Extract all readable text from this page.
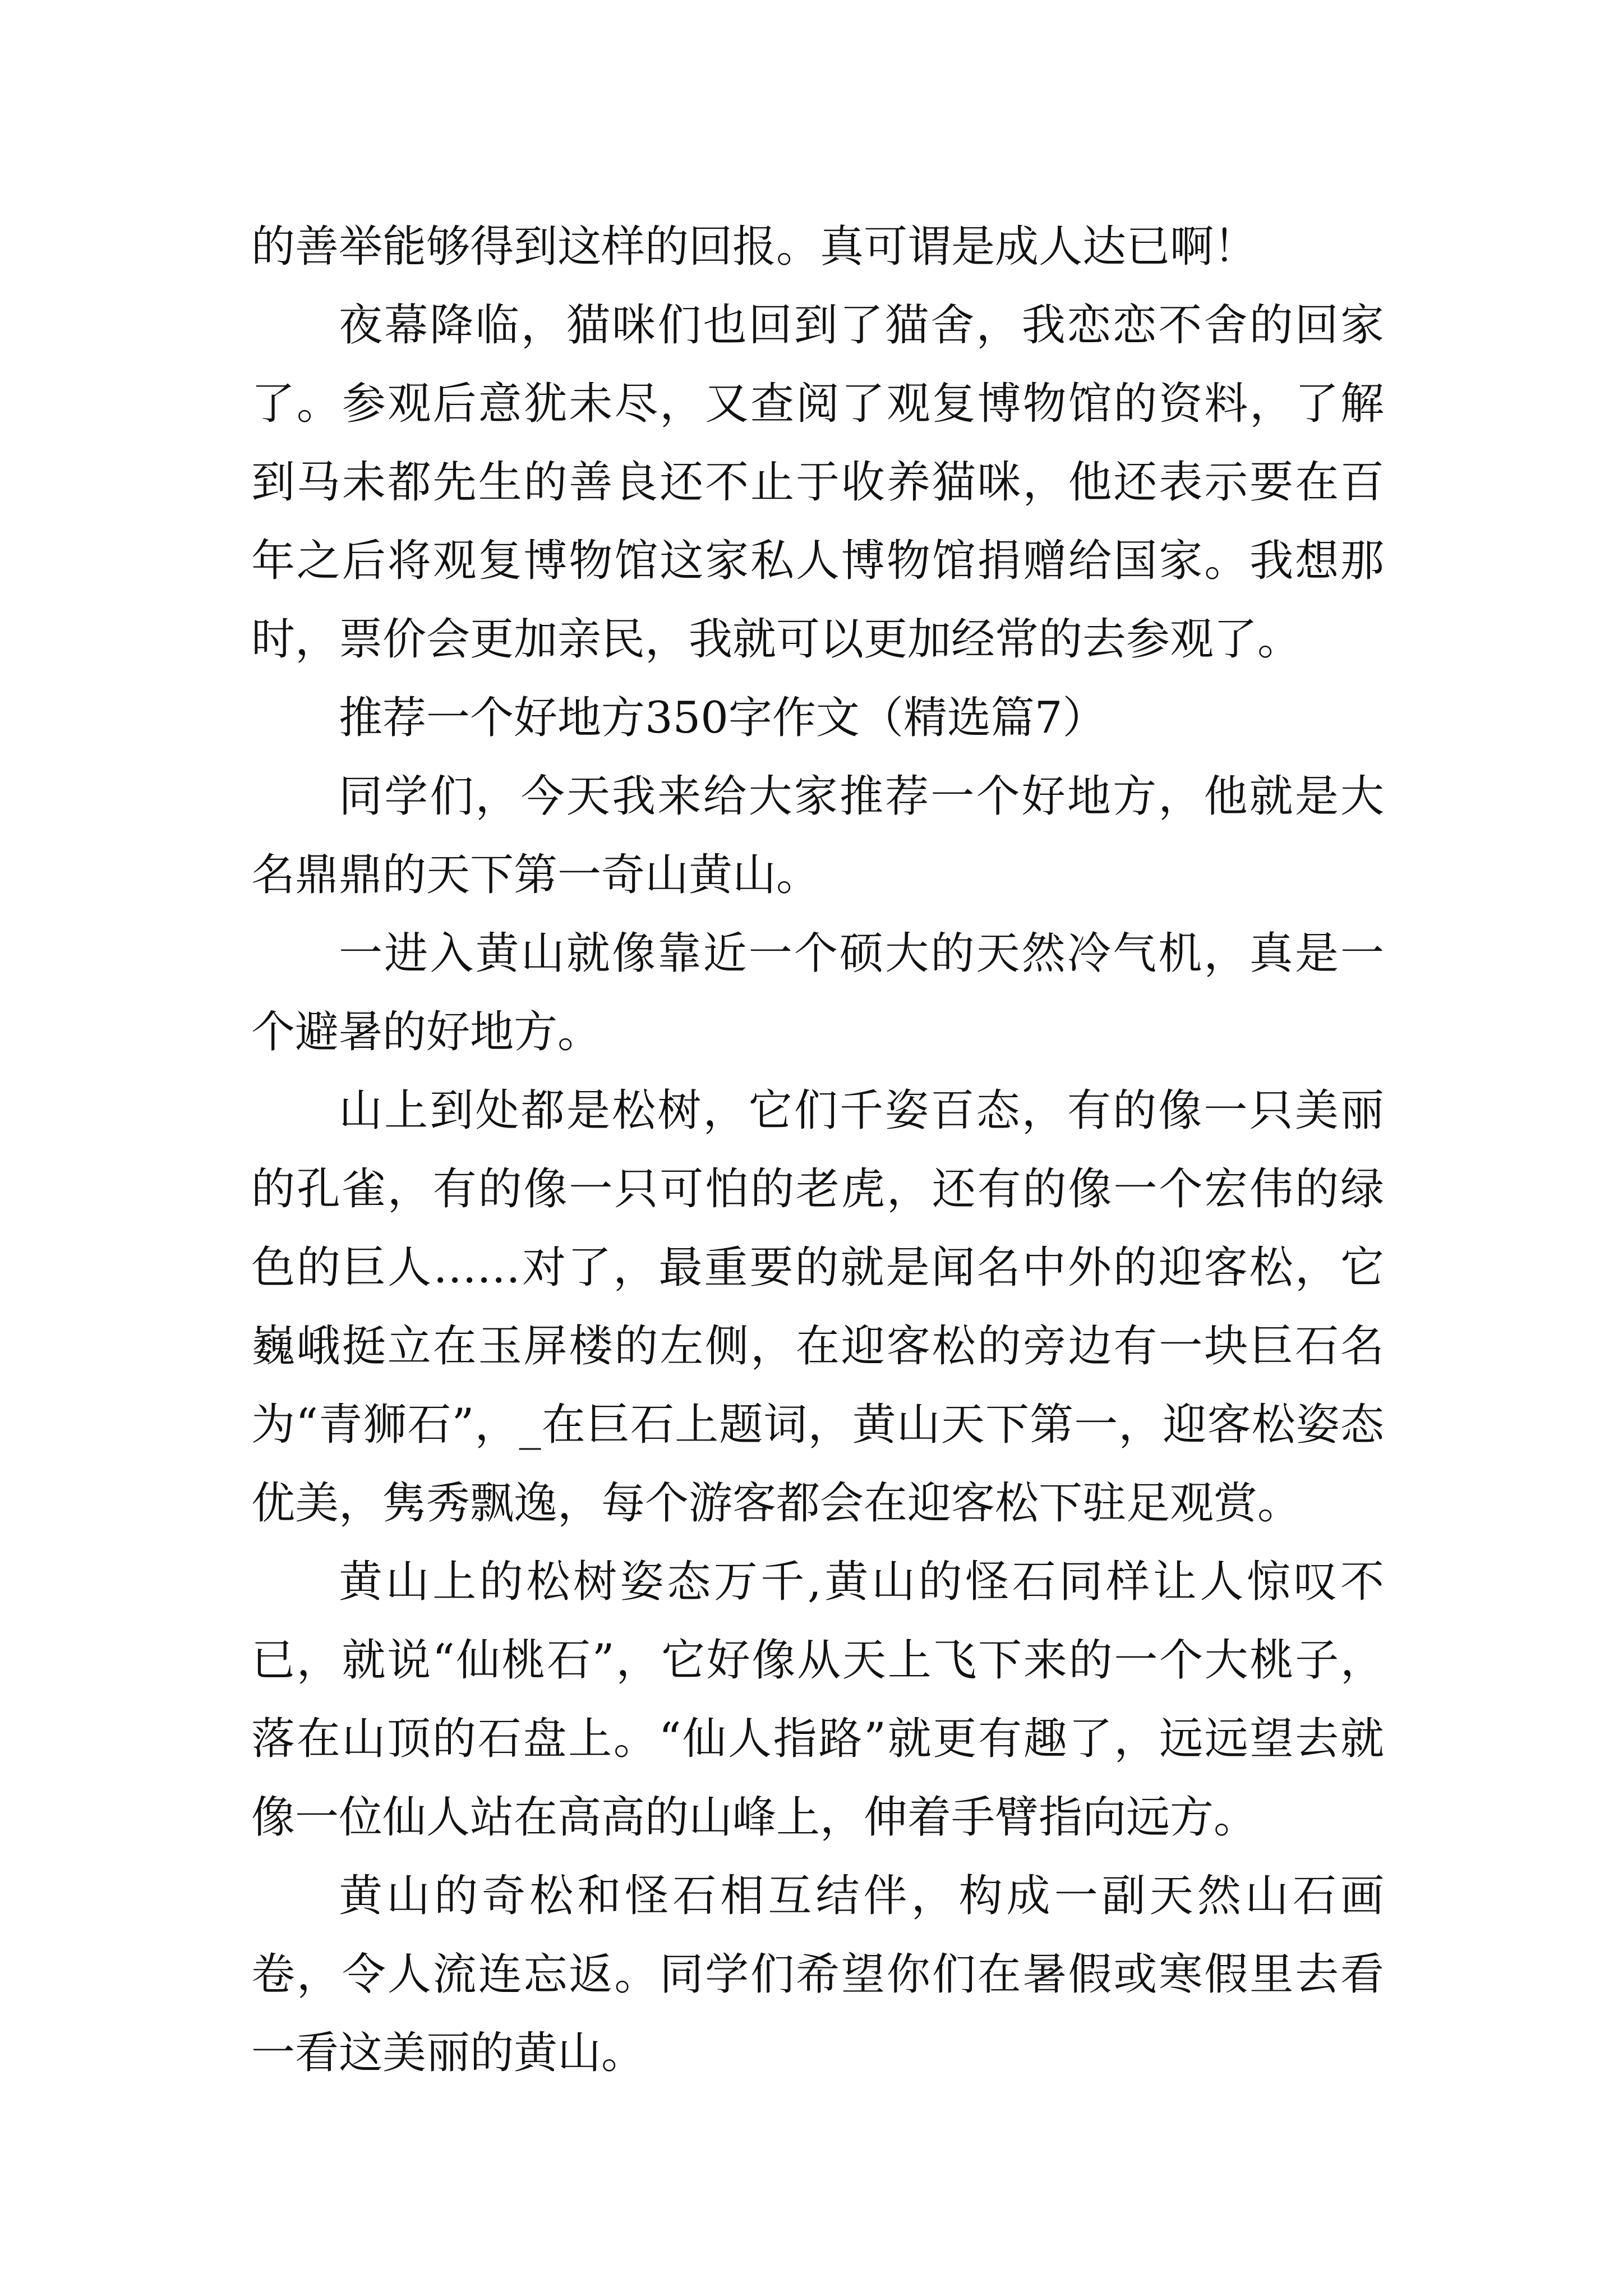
的善举能够得到这样的回报。真可谓是成人达已啊！

夜幕降临，猫咪们也回到了猫舍，我恋恋不舍的回家了。参观后意犹未尽，又查阅了观复博物馆的资料，了解到马未都先生的善良还不止于收养猫咪，他还表示要在百年之后将观复博物馆这家私人博物馆捐赠给国家。我想那时，票价会更加亲民，我就可以更加经常的去参观了。

推荐一个好地方350字作文（精选篇7）

同学们，今天我来给大家推荐一个好地方，他就是大名鼎鼎的天下第一奇山黄山。

一进入黄山就像靠近一个硕大的天然冷气机，真是一个避暑的好地方。

山上到处都是松树，它们千姿百态，有的像一只美丽的孔雀，有的像一只可怕的老虎，还有的像一个宏伟的绿色的巨人……对了，最重要的就是闻名中外的迎客松，它巍峨挺立在玉屏楼的左侧，在迎客松的旁边有一块巨石名为“青狮石”，_在巨石上题词，黄山天下第一，迎客松姿态优美，隽秀飘逸，每个游客都会在迎客松下驻足观赏。

黄山上的松树姿态万千,黄山的怪石同样让人惊叹不已，就说“仙桃石”，它好像从天上飞下来的一个大桃子，落在山顶的石盘上。“仙人指路”就更有趣了，远远望去就像一位仙人站在高高的山峰上，伸着手臂指向远方。

黄山的奇松和怪石相互结伴，构成一副天然山石画卷，令人流连忘返。同学们希望你们在暑假或寒假里去看一看这美丽的黄山。
